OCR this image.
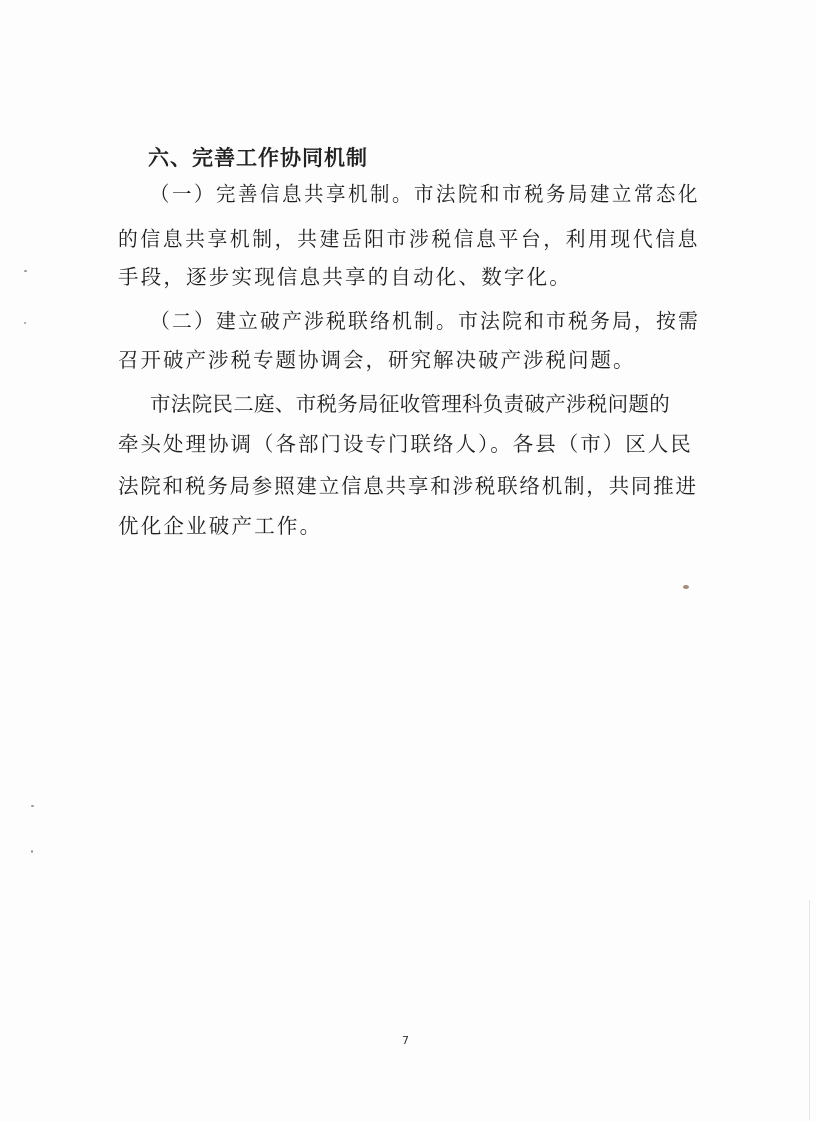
六、完善工作协同机制
（一）完善信息共享机制。市法院和市税务局建立常态化
的信息共享机制，共建岳阳市涉税信息平台，利用现代信息
手段，逐步实现信息共享的自动化、数字化。
（二）建立破产涉税联络机制。市法院和市税务局，按需
召开破产涉税专题协调会，研究解决破产涉税问题。
市法院民二庭、市税务局征收管理科负责破产涉税问题的
牵头处理协调（各部门设专门联络人）。各县（市）区人民
法院和税务局参照建立信息共享和涉税联络机制，共同推进
优化企业破产工作。
7
